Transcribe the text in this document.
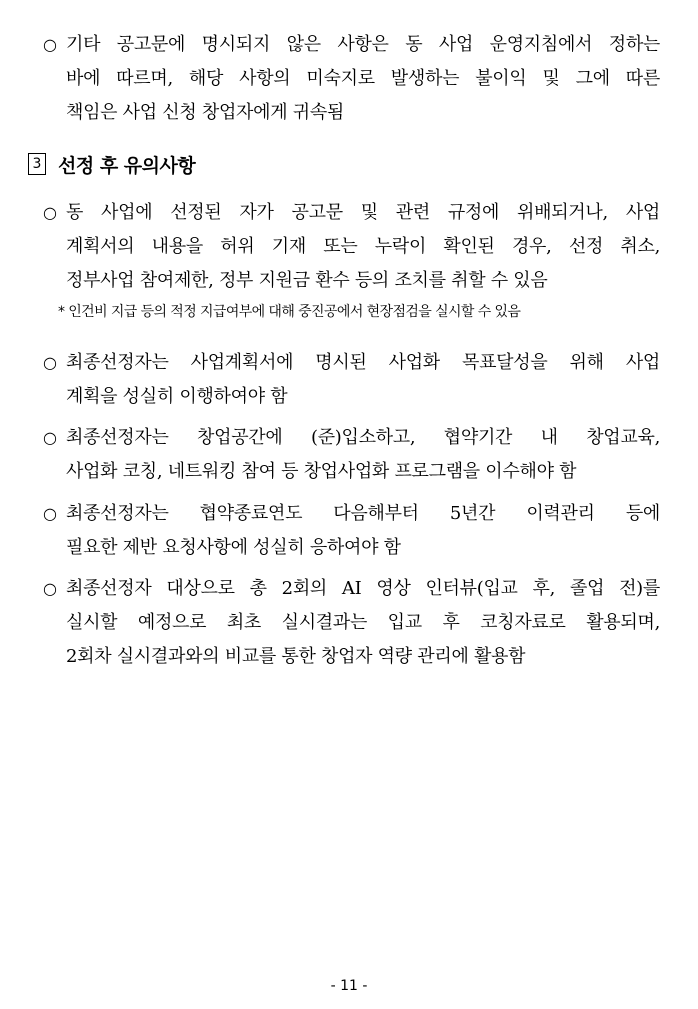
○ 기타 공고문에 명시되지 않은 사항은 동 사업 운영지침에서 정하는
바에 따르며, 해당 사항의 미숙지로 발생하는 불이익 및 그에 따른
책임은 사업 신청 창업자에게 귀속됨
3 선정 후 유의사항
○ 동 사업에 선정된 자가 공고문 및 관련 규정에 위배되거나, 사업
계획서의 내용을 허위 기재 또는 누락이 확인된 경우, 선정 취소,
정부사업 참여제한, 정부 지원금 환수 등의 조치를 취할 수 있음
* 인건비 지급 등의 적정 지급여부에 대해 중진공에서 현장점검을 실시할 수 있음
○ 최종선정자는 사업계획서에 명시된 사업화 목표달성을 위해 사업
계획을 성실히 이행하여야 함
○ 최종선정자는 창업공간에 (준)입소하고, 협약기간 내 창업교육,
사업화 코칭, 네트워킹 참여 등 창업사업화 프로그램을 이수해야 함
○ 최종선정자는 협약종료연도 다음해부터 5년간 이력관리 등에
필요한 제반 요청사항에 성실히 응하여야 함
○ 최종선정자 대상으로 총 2회의 AI 영상 인터뷰(입교 후, 졸업 전)를
실시할 예정으로 최초 실시결과는 입교 후 코칭자료로 활용되며,
2회차 실시결과와의 비교를 통한 창업자 역량 관리에 활용함
- 11 -
